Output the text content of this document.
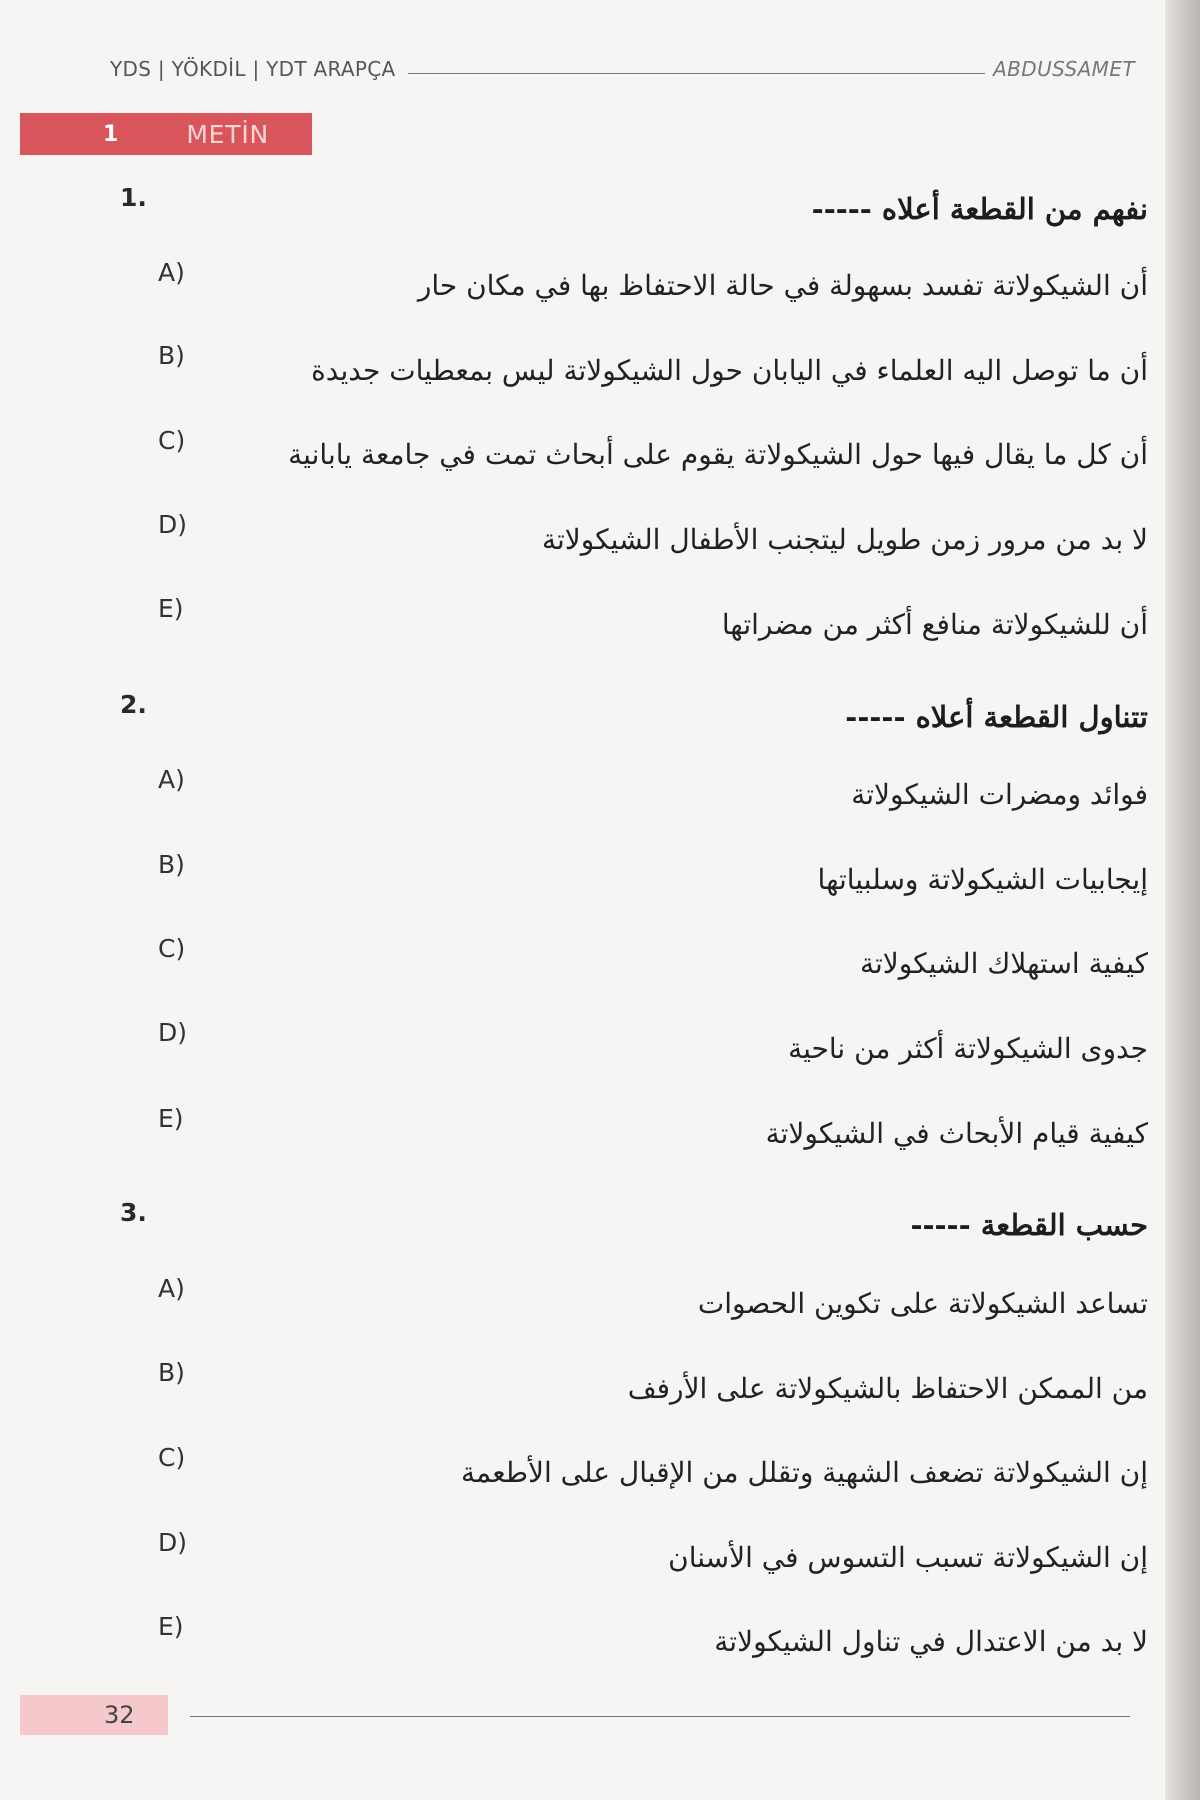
YDS | YÖKDİL | YDT ARAPÇA	ABDUSSAMET
1	METİN
1.	نفهم من القطعة أعلاه -----
A)	أن الشيكولاتة تفسد بسهولة في حالة الاحتفاظ بها في مكان حار
B)	أن ما توصل اليه العلماء في اليابان حول الشيكولاتة ليس بمعطيات جديدة
C)	أن كل ما يقال فيها حول الشيكولاتة يقوم على أبحاث تمت في جامعة يابانية
D)	لا بد من مرور زمن طويل ليتجنب الأطفال الشيكولاتة
E)	أن للشيكولاتة منافع أكثر من مضراتها
2.	تتناول القطعة أعلاه -----
A)	فوائد ومضرات الشيكولاتة
B)	إيجابيات الشيكولاتة وسلبياتها
C)	كيفية استهلاك الشيكولاتة
D)	جدوى الشيكولاتة أكثر من ناحية
E)	كيفية قيام الأبحاث في الشيكولاتة
3.	حسب القطعة -----
A)	تساعد الشيكولاتة على تكوين الحصوات
B)	من الممكن الاحتفاظ بالشيكولاتة على الأرفف
C)	إن الشيكولاتة تضعف الشهية وتقلل من الإقبال على الأطعمة
D)	إن الشيكولاتة تسبب التسوس في الأسنان
E)	لا بد من الاعتدال في تناول الشيكولاتة
32
